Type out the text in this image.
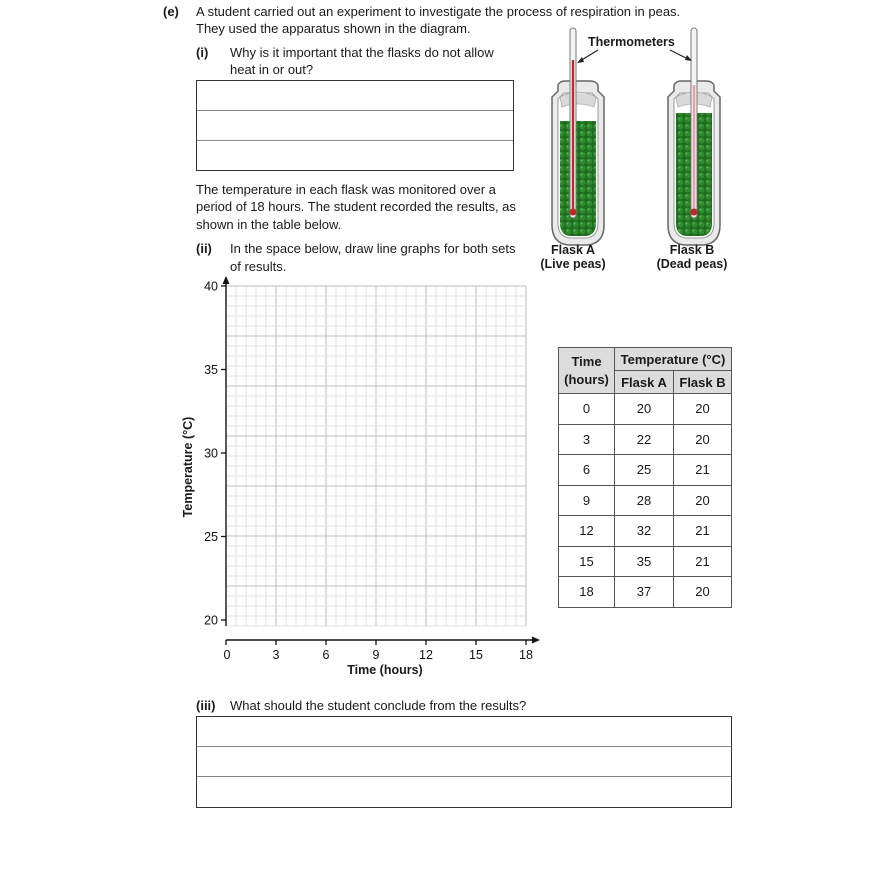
(e) A student carried out an experiment to investigate the process of respiration in peas.
They used the apparatus shown in the diagram.
(i) Why is it important that the flasks do not allow
heat in or out?
The temperature in each flask was monitored over a
period of 18 hours. The student recorded the results, as
shown in the table below.
(ii) In the space below, draw line graphs for both sets
of results.
Thermometers
Flask A
(Live peas)
Flask B
(Dead peas)
Time
(hours)	Temperature (°C)	
	Flask A	Flask B
0	20	20
3	22	20
6	25	21
9	28	20
12	32	21
15	35	21
18	37	20
40
35
30
25
20
0	3	6	9	12	15	18
Temperature (°C)
Time (hours)
(iii) What should the student conclude from the results?
